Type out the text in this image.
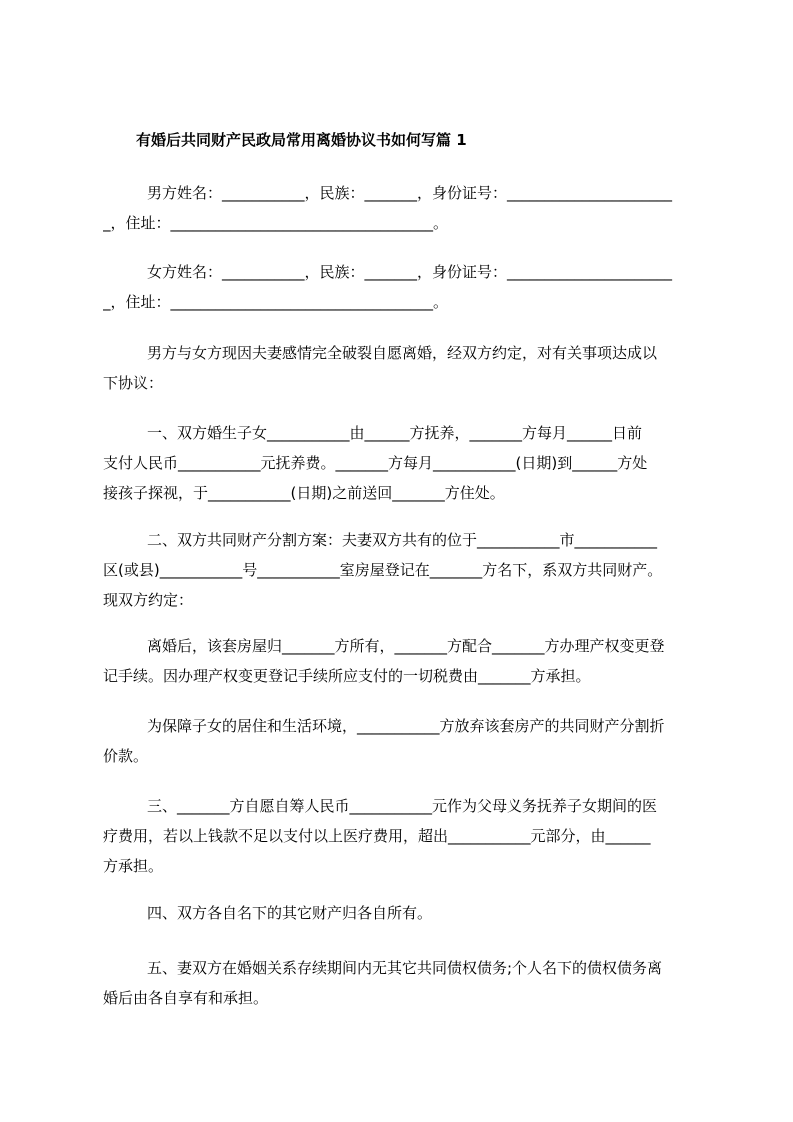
有婚后共同财产民政局常用离婚协议书如何写篇 1
男方姓名：___________，民族：_______，身份证号：______________________
_，住址：___________________________________。
女方姓名：___________，民族：_______，身份证号：______________________
_，住址：___________________________________。
男方与女方现因夫妻感情完全破裂自愿离婚，经双方约定，对有关事项达成以
下协议：
一、双方婚生子女___________由______方抚养，_______方每月______日前
支付人民币___________元抚养费。_______方每月___________(日期)到______方处
接孩子探视，于___________(日期)之前送回_______方住处。
二、双方共同财产分割方案：夫妻双方共有的位于___________市___________
区(或县)___________号___________室房屋登记在_______方名下，系双方共同财产。
现双方约定：
离婚后，该套房屋归_______方所有，_______方配合_______方办理产权变更登
记手续。因办理产权变更登记手续所应支付的一切税费由_______方承担。
为保障子女的居住和生活环境，___________方放弃该套房产的共同财产分割折
价款。
三、_______方自愿自筹人民币___________元作为父母义务抚养子女期间的医
疗费用，若以上钱款不足以支付以上医疗费用，超出___________元部分，由______
方承担。
四、双方各自名下的其它财产归各自所有。
五、妻双方在婚姻关系存续期间内无其它共同债权债务;个人名下的债权债务离
婚后由各自享有和承担。
